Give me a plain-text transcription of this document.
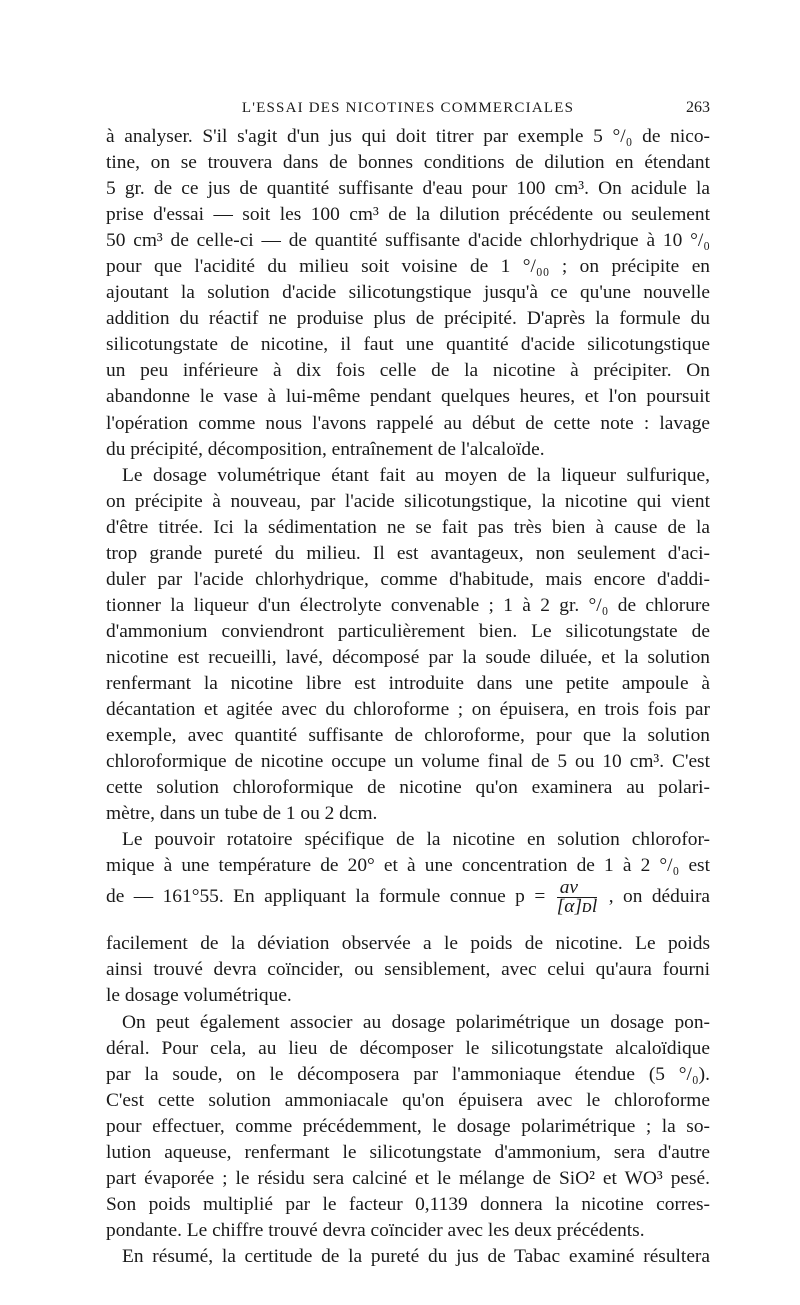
L'ESSAI DES NICOTINES COMMERCIALES	263
à analyser. S'il s'agit d'un jus qui doit titrer par exemple 5 °/₀ de nico-
tine, on se trouvera dans de bonnes conditions de dilution en étendant
5 gr. de ce jus de quantité suffisante d'eau pour 100 cm³. On acidule la
prise d'essai — soit les 100 cm³ de la dilution précédente ou seulement
50 cm³ de celle-ci — de quantité suffisante d'acide chlorhydrique à 10 °/₀
pour que l'acidité du milieu soit voisine de 1 °/₀₀ ; on précipite en
ajoutant la solution d'acide silicotungstique jusqu'à ce qu'une nouvelle
addition du réactif ne produise plus de précipité. D'après la formule du
silicotungstate de nicotine, il faut une quantité d'acide silicotungstique
un peu inférieure à dix fois celle de la nicotine à précipiter. On
abandonne le vase à lui-même pendant quelques heures, et l'on poursuit
l'opération comme nous l'avons rappelé au début de cette note : lavage
du précipité, décomposition, entraînement de l'alcaloïde.
Le dosage volumétrique étant fait au moyen de la liqueur sulfurique,
on précipite à nouveau, par l'acide silicotungstique, la nicotine qui vient
d'être titrée. Ici la sédimentation ne se fait pas très bien à cause de la
trop grande pureté du milieu. Il est avantageux, non seulement d'aci-
duler par l'acide chlorhydrique, comme d'habitude, mais encore d'addi-
tionner la liqueur d'un électrolyte convenable ; 1 à 2 gr. °/₀ de chlorure
d'ammonium conviendront particulièrement bien. Le silicotungstate de
nicotine est recueilli, lavé, décomposé par la soude diluée, et la solution
renfermant la nicotine libre est introduite dans une petite ampoule à
décantation et agitée avec du chloroforme ; on épuisera, en trois fois par
exemple, avec quantité suffisante de chloroforme, pour que la solution
chloroformique de nicotine occupe un volume final de 5 ou 10 cm³. C'est
cette solution chloroformique de nicotine qu'on examinera au polari-
mètre, dans un tube de 1 ou 2 dcm.
Le pouvoir rotatoire spécifique de la nicotine en solution chlorofor-
mique à une température de 20° et à une concentration de 1 à 2 °/₀ est
de — 161°55. En appliquant la formule connue $p = \frac{av}{\text{[α]ᴅl}}$ , on déduira
facilement de la déviation observée a le poids de nicotine. Le poids
ainsi trouvé devra coïncider, ou sensiblement, avec celui qu'aura fourni
le dosage volumétrique.
On peut également associer au dosage polarimétrique un dosage pon-
déral. Pour cela, au lieu de décomposer le silicotungstate alcaloïdique
par la soude, on le décomposera par l'ammoniaque étendue (5 °/₀).
C'est cette solution ammoniacale qu'on épuisera avec le chloroforme
pour effectuer, comme précédemment, le dosage polarimétrique ; la so-
lution aqueuse, renfermant le silicotungstate d'ammonium, sera d'autre
part évaporée ; le résidu sera calciné et le mélange de SiO² et WO³ pesé.
Son poids multiplié par le facteur 0,1139 donnera la nicotine corres-
pondante. Le chiffre trouvé devra coïncider avec les deux précédents.
En résumé, la certitude de la pureté du jus de Tabac examiné résultera
